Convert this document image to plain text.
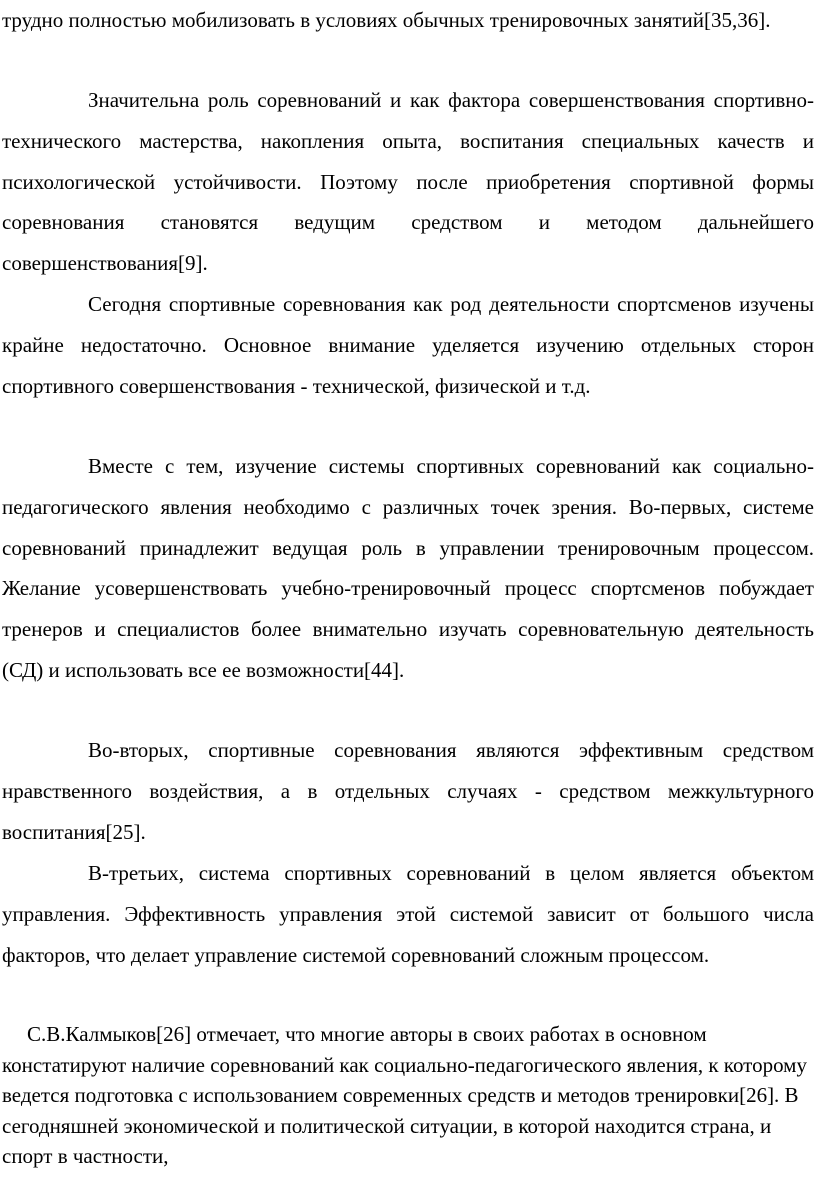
трудно полностью мобилизовать в условиях обычных тренировочных занятий[35,36].

Значительна роль соревнований и как фактора совершенствования спортивно-технического мастерства, накопления опыта, воспитания специальных качеств и психологической устойчивости. Поэтому после приобретения спортивной формы соревнования становятся ведущим средством и методом дальнейшего совершенствования[9].

Сегодня спортивные соревнования как род деятельности спортсменов изучены крайне недостаточно. Основное внимание уделяется изучению отдельных сторон спортивного совершенствования - технической, физической и т.д.

Вместе с тем, изучение системы спортивных соревнований как социально-педагогического явления необходимо с различных точек зрения. Во-первых, системе соревнований принадлежит ведущая роль в управлении тренировочным процессом. Желание усовершенствовать учебно-тренировочный процесс спортсменов побуждает тренеров и специалистов более внимательно изучать соревновательную деятельность (СД) и использовать все ее возможности[44].

Во-вторых, спортивные соревнования являются эффективным средством нравственного воздействия, а в отдельных случаях - средством межкультурного воспитания[25].

В-третьих, система спортивных соревнований в целом является объектом управления. Эффективность управления этой системой зависит от большого числа факторов, что делает управление системой соревнований сложным процессом.

С.В.Калмыков[26] отмечает, что многие авторы в своих работах в основном констатируют наличие соревнований как социально-педагогического явления, к которому ведется подготовка с использованием современных средств и методов тренировки[26]. В сегодняшней экономической и политической ситуации, в которой находится страна, и спорт в частности,
